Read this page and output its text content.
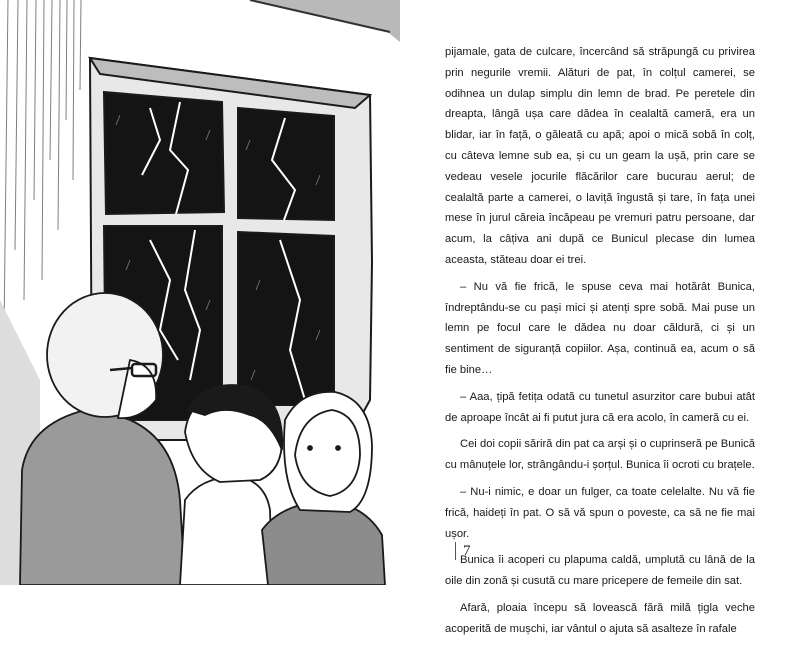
pijamale, gata de culcare, încercând să străpungă cu privirea prin negurile vremii. Alături de pat, în colțul camerei, se odihnea un dulap simplu din lemn de brad. Pe peretele din dreapta, lângă ușa care dădea în cealaltă cameră, era un blidar, iar în față, o găleată cu apă; apoi o mică sobă în colț, cu câteva lemne sub ea, și cu un geam la ușă, prin care se vedeau vesele jocurile flăcărilor care bucurau aerul; de cealaltă parte a camerei, o laviță îngustă și tare, în fața unei mese în jurul căreia încăpeau pe vremuri patru persoane, dar acum, la câțiva ani după ce Bunicul plecase din lumea aceasta, stăteau doar ei trei.

– Nu vă fie frică, le spuse ceva mai hotărât Bunica, îndreptându-se cu pași mici și atenți spre sobă. Mai puse un lemn pe focul care le dădea nu doar căldură, ci și un sentiment de siguranță copiilor. Așa, continuă ea, acum o să fie bine…

– Aaa, țipă fetița odată cu tunetul asurzitor care bubui atât de aproape încât ai fi putut jura că era acolo, în cameră cu ei.

Cei doi copii săriră din pat ca arși și o cuprinseră pe Bunică cu mânuțele lor, strângându-i șorțul. Bunica îi ocroti cu brațele.

– Nu-i nimic, e doar un fulger, ca toate celelalte. Nu vă fie frică, haideți în pat. O să vă spun o poveste, ca să ne fie mai ușor.

Bunica îi acoperi cu plapuma caldă, umplută cu lână de la oile din zonă și cusută cu mare pricepere de femeile din sat.

Afară, ploaia începu să lovească fără milă țigla veche acoperită de mușchi, iar vântul o ajuta să asalteze în rafale

7
